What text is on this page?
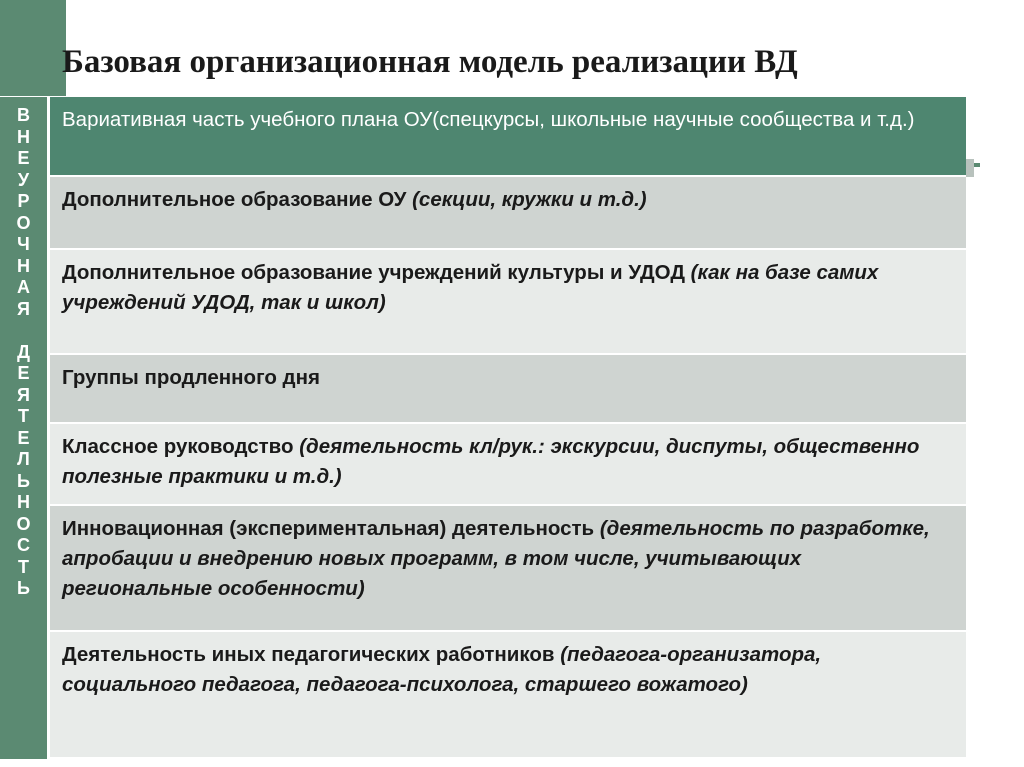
Базовая организационная модель реализации ВД
В
Н
Е
У
Р
О
Ч
Н
А
Я
Д
Е
Я
Т
Е
Л
Ь
Н
О
С
Т
Ь
Вариативная часть учебного плана ОУ(спецкурсы, школьные научные сообщества и т.д.)
Дополнительное образование ОУ (секции, кружки и т.д.)
Дополнительное образование учреждений культуры и УДОД (как на базе самих учреждений УДОД, так и школ)
Группы продленного дня
Классное руководство (деятельность кл/рук.: экскурсии, диспуты, общественно полезные практики и т.д.)
Инновационная (экспериментальная) деятельность (деятельность по разработке, апробации и внедрению новых программ, в том числе, учитывающих региональные особенности)
Деятельность иных педагогических работников (педагога-организатора, социального педагога, педагога-психолога, старшего вожатого)
